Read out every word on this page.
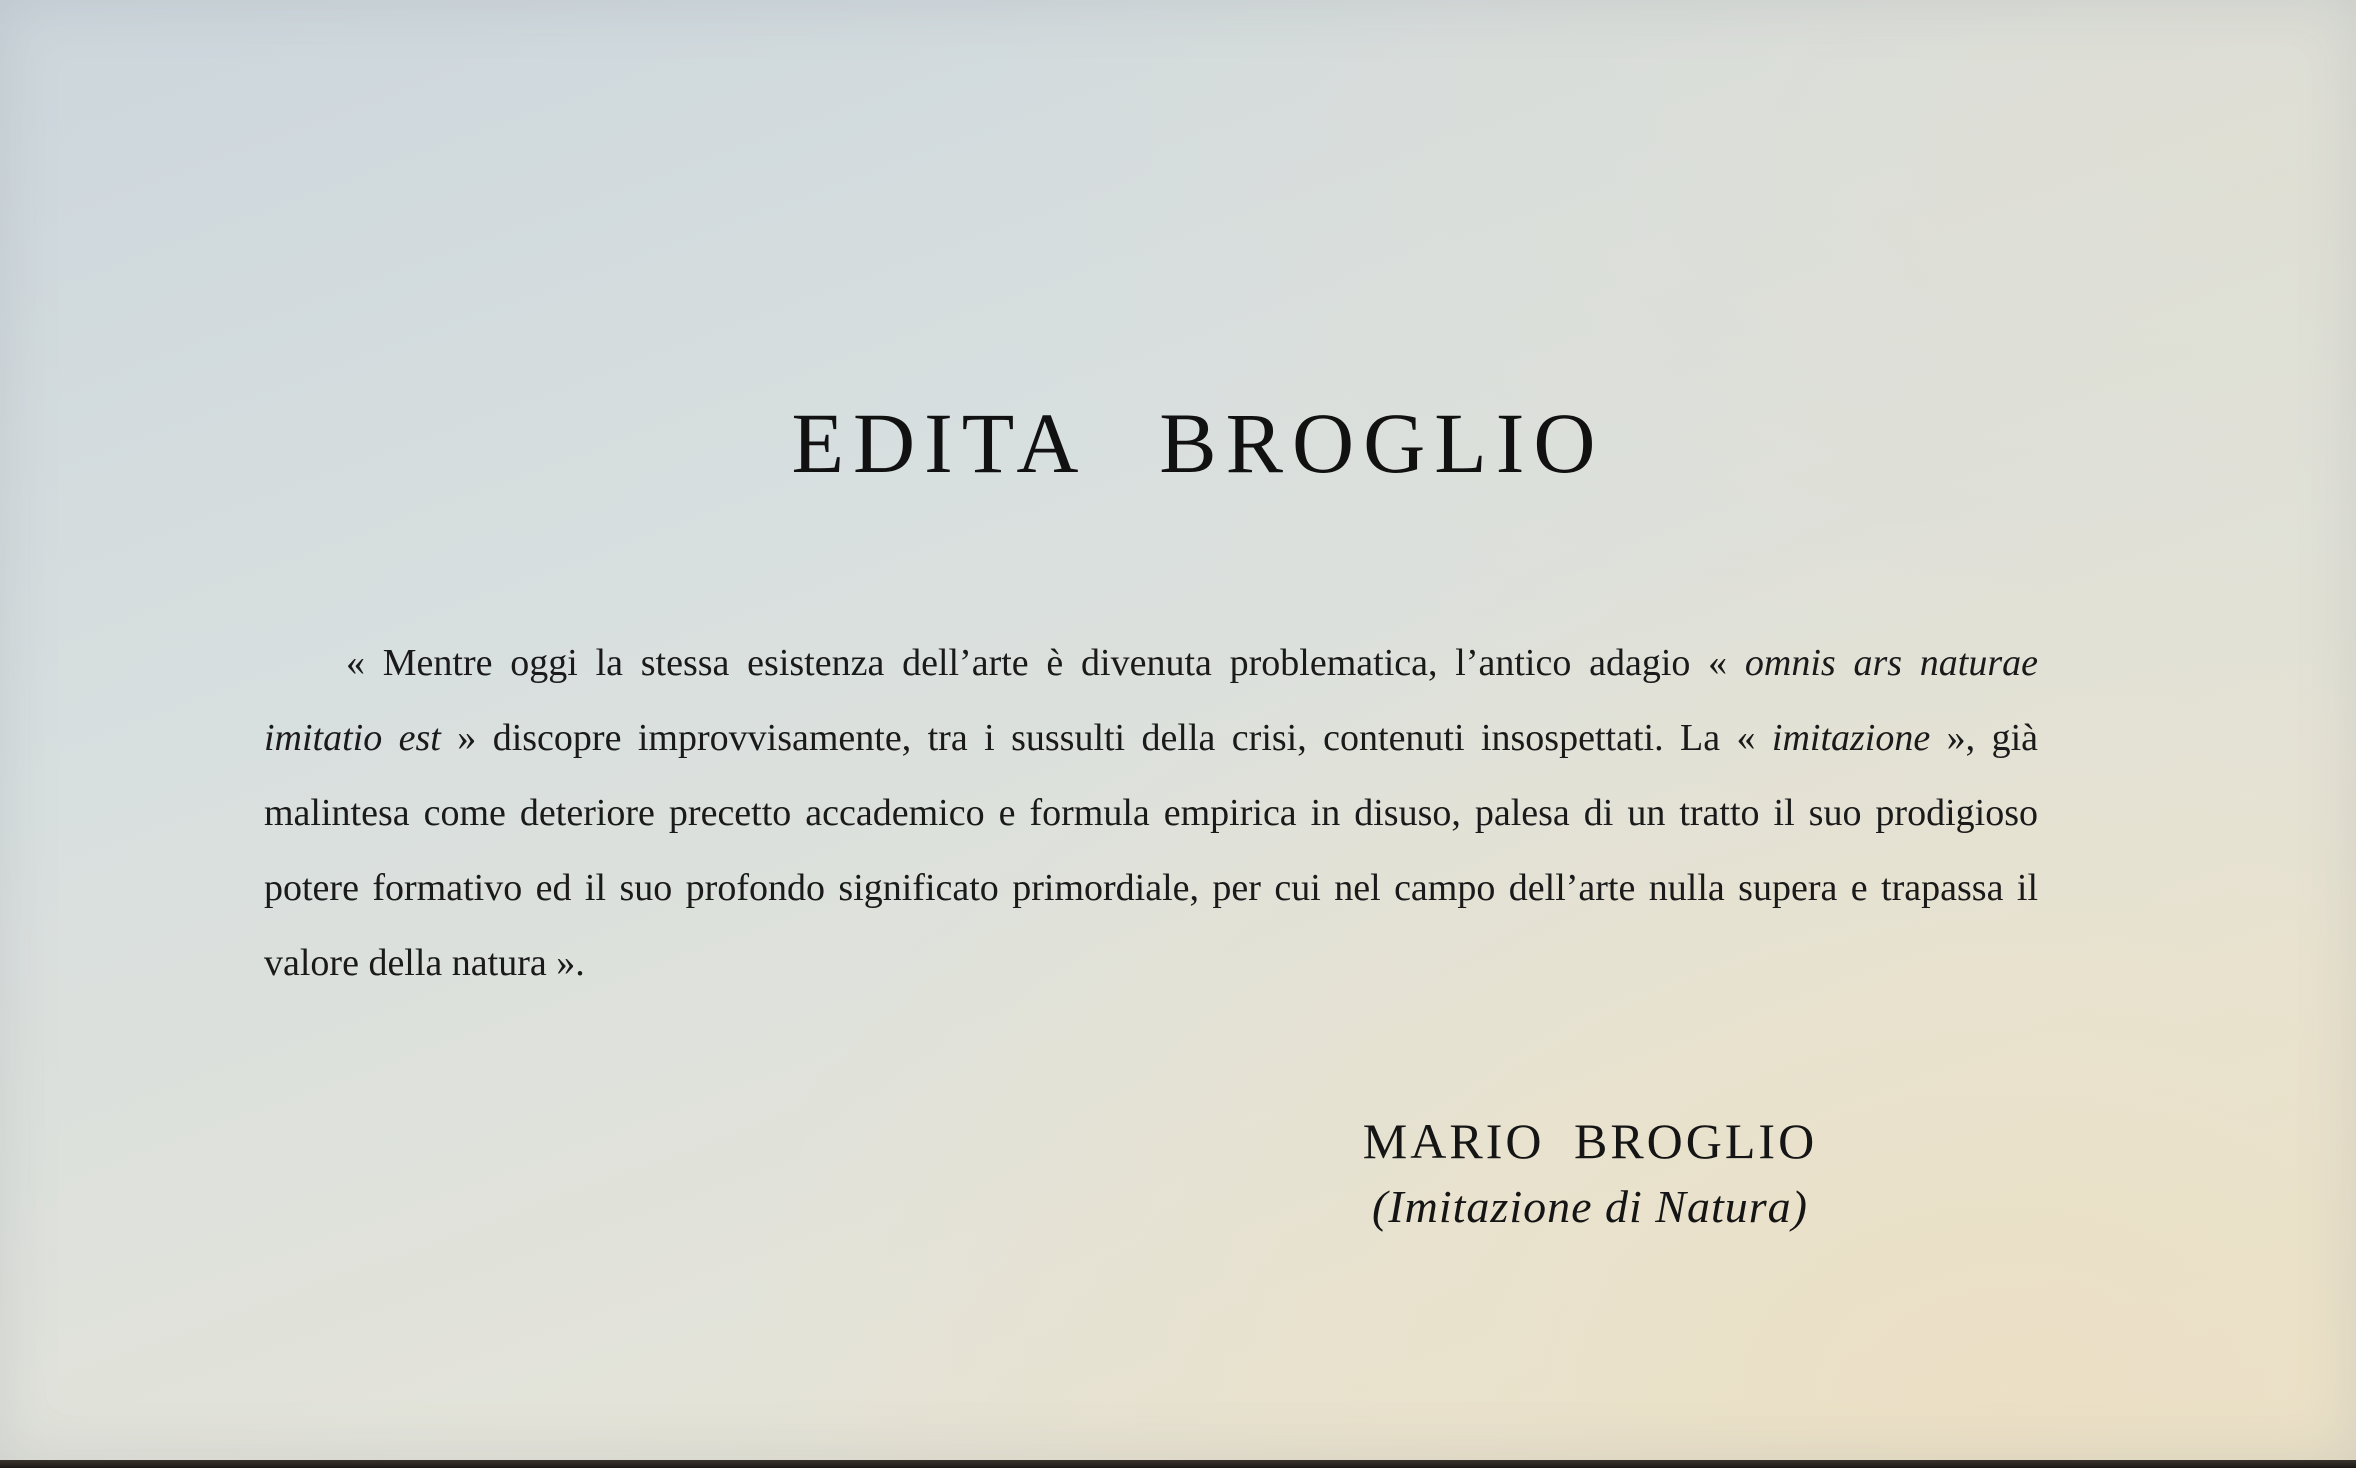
EDITA BROGLIO

« Mentre oggi la stessa esistenza dell’arte è divenuta problematica, l’antico adagio « omnis ars naturae imitatio est » discopre improvvisamente, tra i sussulti della crisi, contenuti insospettati. La « imitazione », già malintesa come deteriore precetto accademico e formula empirica in disuso, palesa di un tratto il suo prodigioso potere formativo ed il suo profondo significato primordiale, per cui nel campo dell’arte nulla supera e trapassa il valore della natura ».

MARIO BROGLIO
(Imitazione di Natura)
